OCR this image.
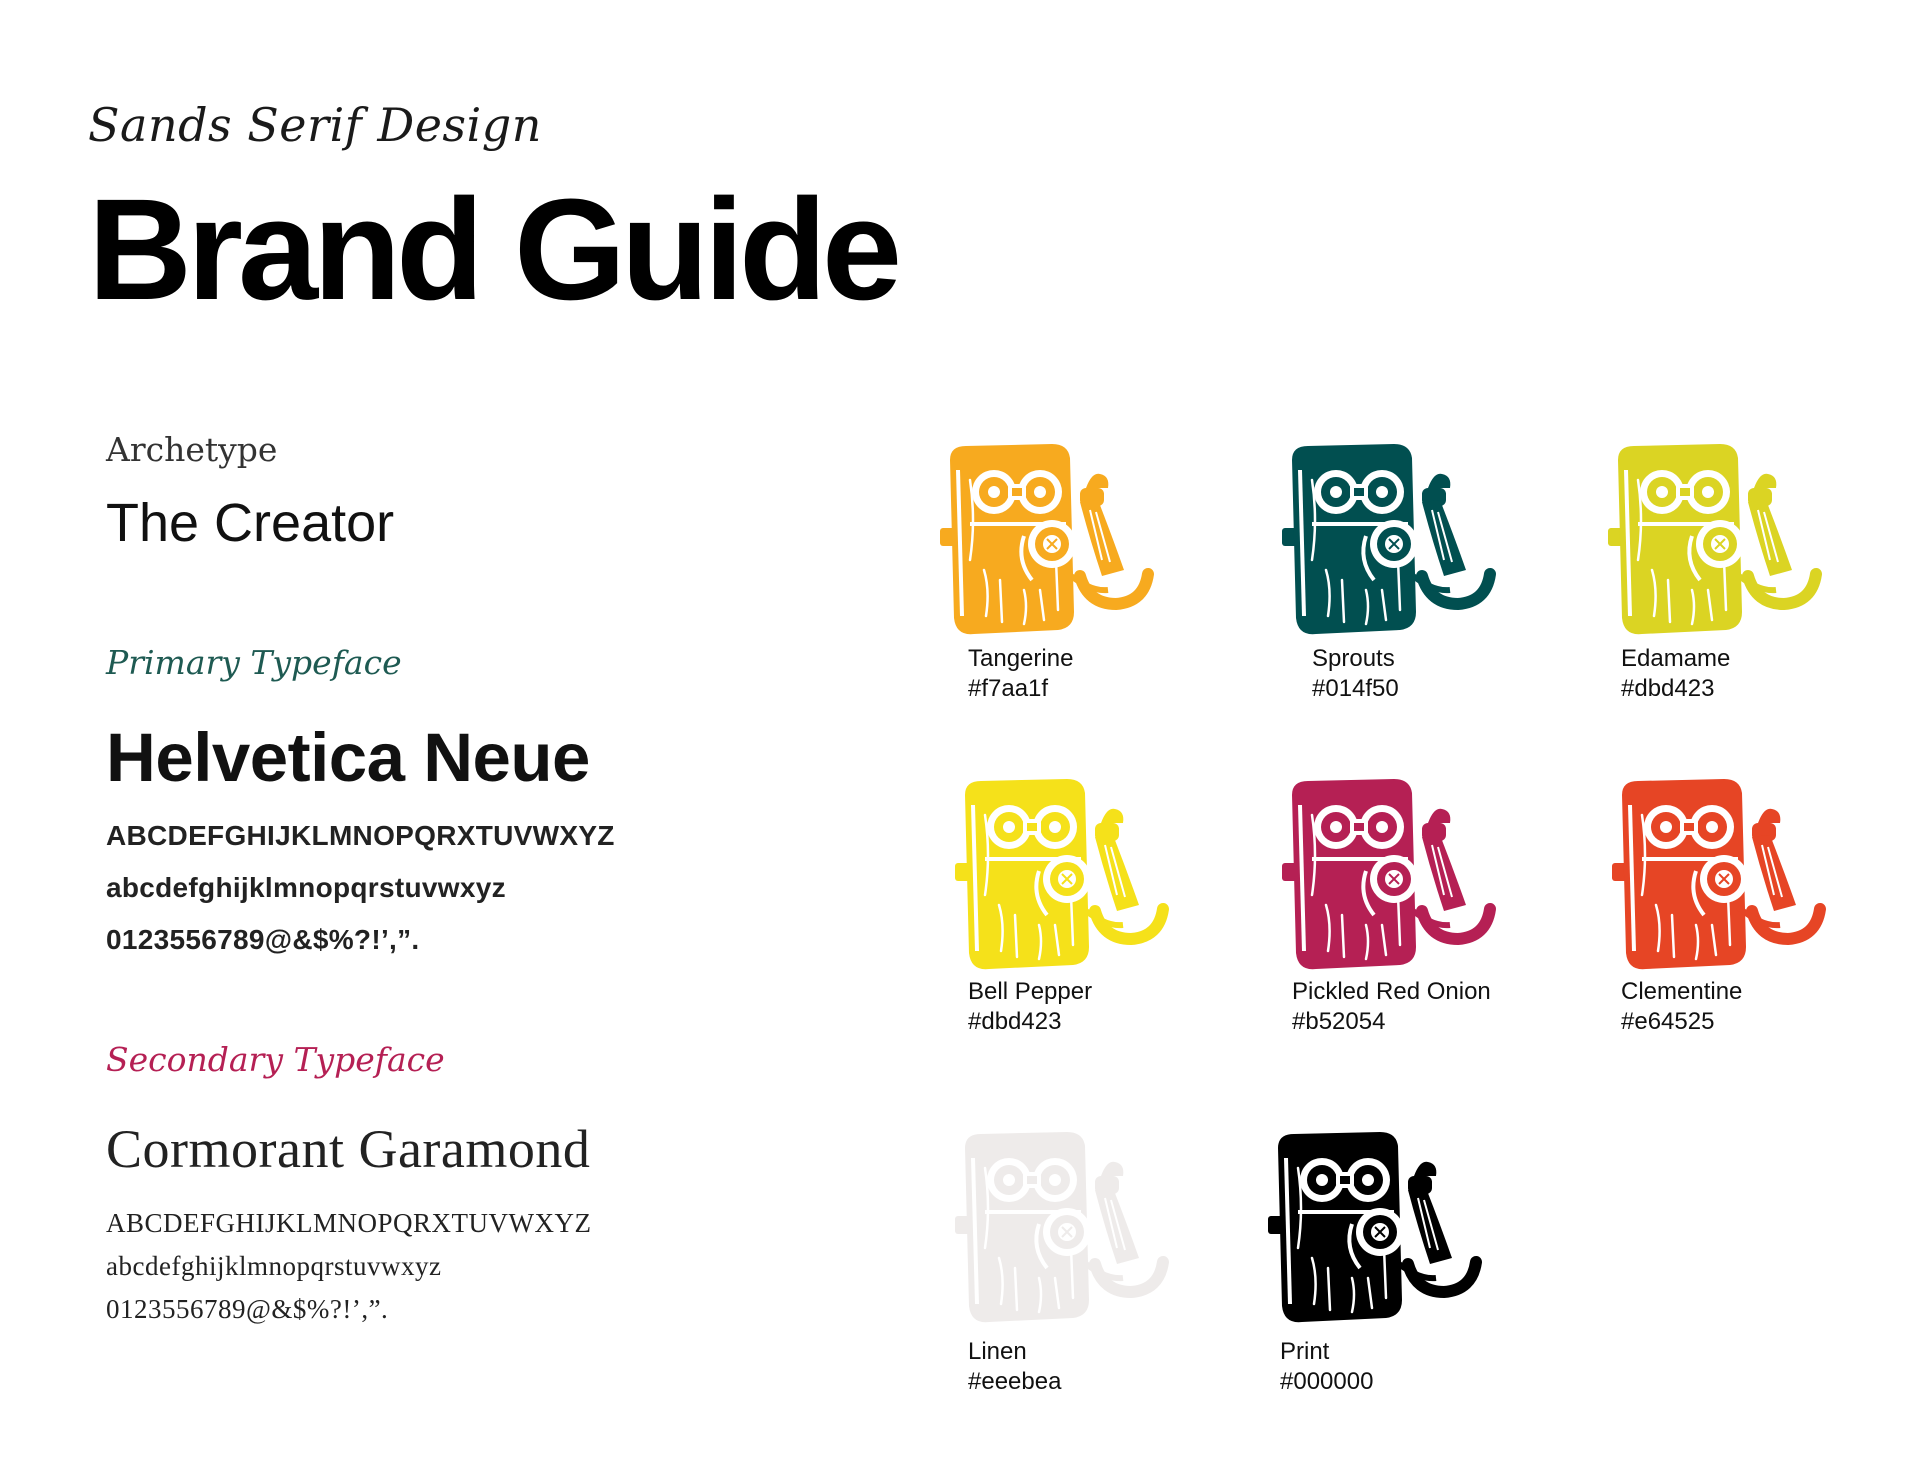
Sands Serif Design
Brand Guide
Archetype
The Creator
Primary Typeface
Helvetica Neue
ABCDEFGHIJKLMNOPQRXTUVWXYZ
abcdefghijklmnopqrstuvwxyz
0123556789@&$%?!’,”.
Secondary Typeface
Cormorant Garamond
ABCDEFGHIJKLMNOPQRXTUVWXYZ
abcdefghijklmnopqrstuvwxyz
0123556789@&$%?!’,”.
Tangerine
#f7aa1f
Sprouts
#014f50
Edamame
#dbd423
Bell Pepper
#dbd423
Pickled Red Onion
#b52054
Clementine
#e64525
Linen
#eeebea
Print
#000000
